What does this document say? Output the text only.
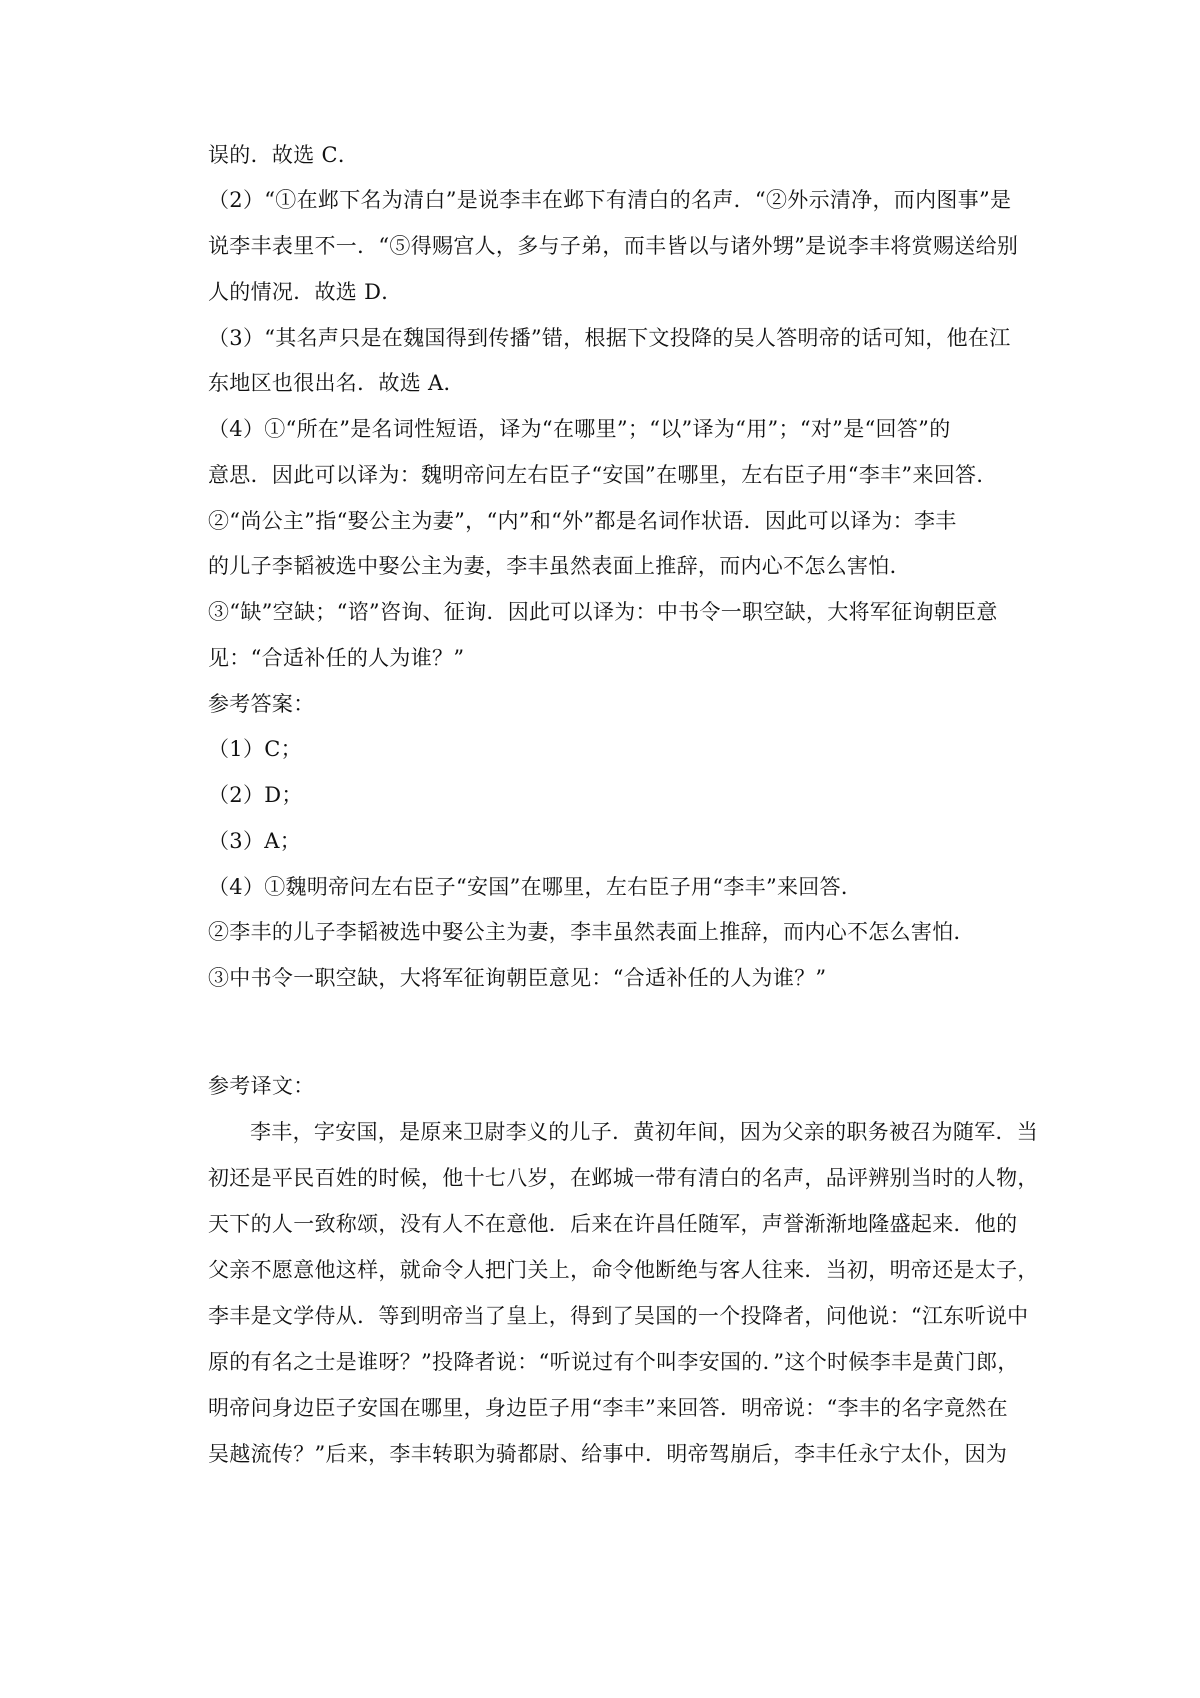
误的．故选 C．
（2）“①在邺下名为清白”是说李丰在邺下有清白的名声．“②外示清净，而内图事”是
说李丰表里不一．“⑤得赐宫人，多与子弟，而丰皆以与诸外甥”是说李丰将赏赐送给别
人的情况．故选 D．
（3）“其名声只是在魏国得到传播”错，根据下文投降的吴人答明帝的话可知，他在江
东地区也很出名．故选 A．
（4）①“所在”是名词性短语，译为“在哪里”；“以”译为“用”；“对”是“回答”的
意思．因此可以译为：魏明帝问左右臣子“安国”在哪里，左右臣子用“李丰”来回答．
②“尚公主”指“娶公主为妻”，“内”和“外”都是名词作状语．因此可以译为：李丰
的儿子李韬被选中娶公主为妻，李丰虽然表面上推辞，而内心不怎么害怕．
③“缺”空缺；“谘”咨询、征询．因此可以译为：中书令一职空缺，大将军征询朝臣意
见：“合适补任的人为谁？”
参考答案：
（1）C；
（2）D；
（3）A；
（4）①魏明帝问左右臣子“安国”在哪里，左右臣子用“李丰”来回答．
②李丰的儿子李韬被选中娶公主为妻，李丰虽然表面上推辞，而内心不怎么害怕．
③中书令一职空缺，大将军征询朝臣意见：“合适补任的人为谁？”
参考译文：
李丰，字安国，是原来卫尉李义的儿子．黄初年间，因为父亲的职务被召为随军．当
初还是平民百姓的时候，他十七八岁，在邺城一带有清白的名声，品评辨别当时的人物，
天下的人一致称颂，没有人不在意他．后来在许昌任随军，声誉渐渐地隆盛起来．他的
父亲不愿意他这样，就命令人把门关上，命令他断绝与客人往来．当初，明帝还是太子，
李丰是文学侍从．等到明帝当了皇上，得到了吴国的一个投降者，问他说：“江东听说中
原的有名之士是谁呀？”投降者说：“听说过有个叫李安国的．”这个时候李丰是黄门郎，
明帝问身边臣子安国在哪里，身边臣子用“李丰”来回答．明帝说：“李丰的名字竟然在
吴越流传？”后来，李丰转职为骑都尉、给事中．明帝驾崩后，李丰任永宁太仆，因为
